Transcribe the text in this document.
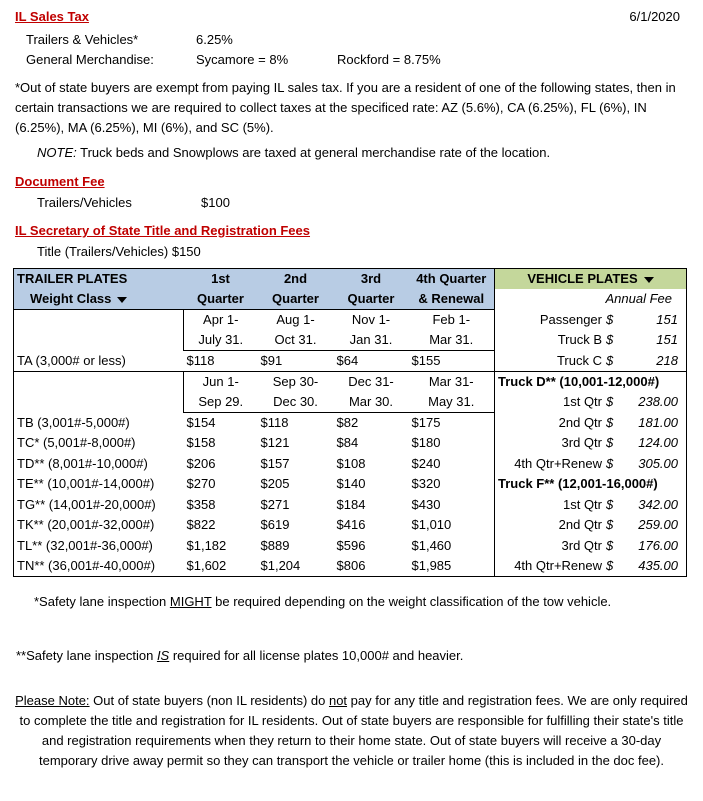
6/1/2020
IL Sales Tax
Trailers & Vehicles*	6.25%
General Merchandise:	Sycamore = 8%	Rockford = 8.75%
*Out of state buyers are exempt from paying IL sales tax. If you are a resident of one of the following states, then in certain transactions we are required to collect taxes at the specificed rate: AZ (5.6%), CA (6.25%), FL (6%), IN (6.25%), MA (6.25%), MI (6%), and SC (5%).
NOTE: Truck beds and Snowplows are taxed at general merchandise rate of the location.
Document Fee
Trailers/Vehicles	$100
IL Secretary of State Title and Registration Fees
Title (Trailers/Vehicles) $150
TRAILER PLATES	1st	2nd	3rd	4th Quarter	VEHICLE PLATES
Weight Class	Quarter	Quarter	Quarter	& Renewal	Annual Fee
	Apr 1-	Aug 1-	Nov 1-	Feb 1-	Passenger $ 151
	July 31.	Oct 31.	Jan 31.	Mar 31.	Truck B $ 151
TA (3,000# or less)	$118	$91	$64	$155	Truck C $ 218
	Jun 1-	Sep 30-	Dec 31-	Mar 31-	Truck D** (10,001-12,000#)
	Sep 29.	Dec 30.	Mar 30.	May 31.	1st Qtr $ 238.00
TB (3,001#-5,000#)	$154	$118	$82	$175	2nd Qtr $ 181.00
TC* (5,001#-8,000#)	$158	$121	$84	$180	3rd Qtr $ 124.00
TD** (8,001#-10,000#)	$206	$157	$108	$240	4th Qtr+Renew $ 305.00
TE** (10,001#-14,000#)	$270	$205	$140	$320	Truck F** (12,001-16,000#)
TG** (14,001#-20,000#)	$358	$271	$184	$430	1st Qtr $ 342.00
TK** (20,001#-32,000#)	$822	$619	$416	$1,010	2nd Qtr $ 259.00
TL** (32,001#-36,000#)	$1,182	$889	$596	$1,460	3rd Qtr $ 176.00
TN** (36,001#-40,000#)	$1,602	$1,204	$806	$1,985	4th Qtr+Renew $ 435.00
*Safety lane inspection MIGHT be required depending on the weight classification of the tow vehicle.
**Safety lane inspection IS required for all license plates 10,000# and heavier.
Please Note: Out of state buyers (non IL residents) do not pay for any title and registration fees. We are only required to complete the title and registration for IL residents. Out of state buyers are responsible for fulfilling their state's title and registration requirements when they return to their home state. Out of state buyers will receive a 30-day temporary drive away permit so they can transport the vehicle or trailer home (this is included in the doc fee).
